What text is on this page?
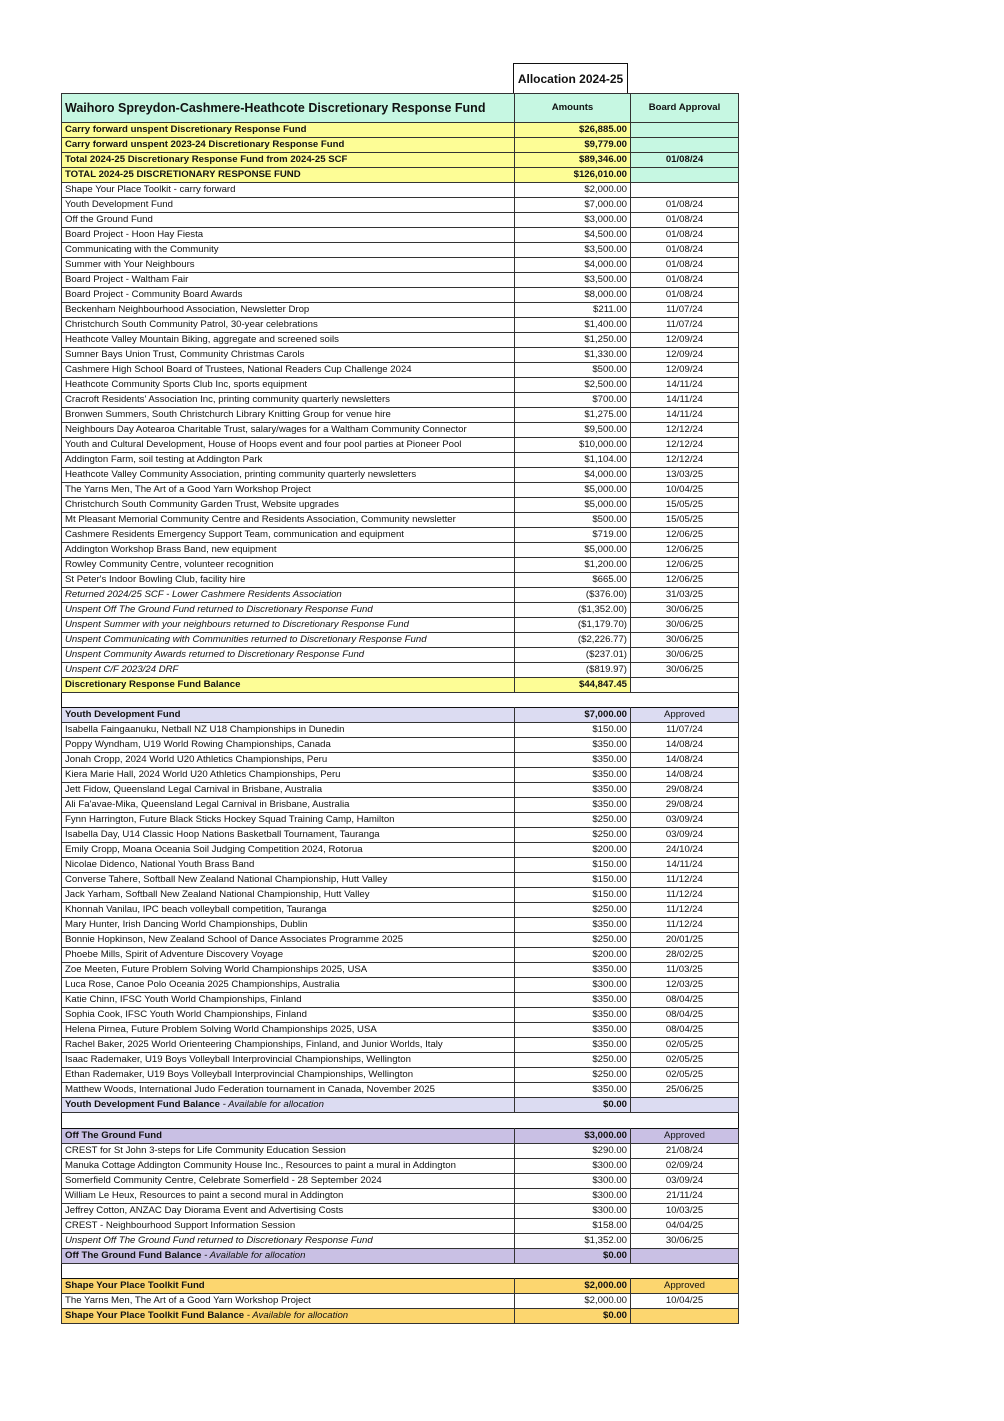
Allocation 2024-25
Waihoro Spreydon-Cashmere-Heathcote Discretionary Response Fund	Amounts	Board Approval
Carry forward unspent Discretionary Response Fund	$26,885.00	
Carry forward unspent 2023-24 Discretionary Response Fund	$9,779.00	
Total 2024-25 Discretionary Response Fund from 2024-25 SCF	$89,346.00	01/08/24
TOTAL 2024-25 DISCRETIONARY RESPONSE FUND	$126,010.00	
Shape Your Place Toolkit - carry forward	$2,000.00	
Youth Development Fund	$7,000.00	01/08/24
Off the Ground Fund	$3,000.00	01/08/24
Board Project - Hoon Hay Fiesta	$4,500.00	01/08/24
Communicating with the Community	$3,500.00	01/08/24
Summer with Your Neighbours	$4,000.00	01/08/24
Board Project - Waltham Fair	$3,500.00	01/08/24
Board Project - Community Board Awards	$8,000.00	01/08/24
Beckenham Neighbourhood Association, Newsletter Drop	$211.00	11/07/24
Christchurch South Community Patrol, 30-year celebrations	$1,400.00	11/07/24
Heathcote Valley Mountain Biking, aggregate and screened soils	$1,250.00	12/09/24
Sumner Bays Union Trust, Community Christmas Carols	$1,330.00	12/09/24
Cashmere High School Board of Trustees, National Readers Cup Challenge 2024	$500.00	12/09/24
Heathcote Community Sports Club Inc, sports equipment	$2,500.00	14/11/24
Cracroft Residents' Association Inc, printing community quarterly newsletters	$700.00	14/11/24
Bronwen Summers, South Christchurch Library Knitting Group for venue hire	$1,275.00	14/11/24
Neighbours Day Aotearoa Charitable Trust, salary/wages for a Waltham Community Connector	$9,500.00	12/12/24
Youth and Cultural Development, House of Hoops event and four pool parties at Pioneer Pool	$10,000.00	12/12/24
Addington Farm, soil testing at Addington Park	$1,104.00	12/12/24
Heathcote Valley Community Association, printing community quarterly newsletters	$4,000.00	13/03/25
The Yarns Men, The Art of a Good Yarn Workshop Project	$5,000.00	10/04/25
Christchurch South Community Garden Trust, Website upgrades	$5,000.00	15/05/25
Mt Pleasant Memorial Community Centre and Residents Association, Community newsletter	$500.00	15/05/25
Cashmere Residents Emergency Support Team, communication and equipment	$719.00	12/06/25
Addington Workshop Brass Band, new equipment	$5,000.00	12/06/25
Rowley Community Centre, volunteer recognition	$1,200.00	12/06/25
St Peter's Indoor Bowling Club, facility hire	$665.00	12/06/25
Returned 2024/25 SCF - Lower Cashmere Residents Association	($376.00)	31/03/25
Unspent Off The Ground Fund returned to Discretionary Response Fund	($1,352.00)	30/06/25
Unspent Summer with your neighbours returned to Discretionary Response Fund	($1,179.70)	30/06/25
Unspent Communicating with Communities returned to Discretionary Response Fund	($2,226.77)	30/06/25
Unspent Community Awards returned to Discretionary Response Fund	($237.01)	30/06/25
Unspent C/F 2023/24 DRF	($819.97)	30/06/25
Discretionary Response Fund Balance	$44,847.45	

Youth Development Fund	$7,000.00	Approved
Isabella Faingaanuku, Netball NZ U18 Championships in Dunedin	$150.00	11/07/24
Poppy Wyndham, U19 World Rowing Championships, Canada	$350.00	14/08/24
Jonah Cropp, 2024 World U20 Athletics Championships, Peru	$350.00	14/08/24
Kiera Marie Hall, 2024 World U20 Athletics Championships, Peru	$350.00	14/08/24
Jett Fidow, Queensland Legal Carnival in Brisbane, Australia	$350.00	29/08/24
Ali Fa'avae-Mika, Queensland Legal Carnival in Brisbane, Australia	$350.00	29/08/24
Fynn Harrington, Future Black Sticks Hockey Squad Training Camp, Hamilton	$250.00	03/09/24
Isabella Day, U14 Classic Hoop Nations Basketball Tournament, Tauranga	$250.00	03/09/24
Emily Cropp, Moana Oceania Soil Judging Competition 2024, Rotorua	$200.00	24/10/24
Nicolae Didenco, National Youth Brass Band	$150.00	14/11/24
Converse Tahere, Softball New Zealand National Championship, Hutt Valley	$150.00	11/12/24
Jack Yarham, Softball New Zealand National Championship, Hutt Valley	$150.00	11/12/24
Khonnah Vanilau, IPC beach volleyball competition, Tauranga	$250.00	11/12/24
Mary Hunter, Irish Dancing World Championships, Dublin	$350.00	11/12/24
Bonnie Hopkinson, New Zealand School of Dance Associates Programme 2025	$250.00	20/01/25
Phoebe Mills, Spirit of Adventure Discovery Voyage	$200.00	28/02/25
Zoe Meeten, Future Problem Solving World Championships 2025, USA	$350.00	11/03/25
Luca Rose, Canoe Polo Oceania 2025 Championships, Australia	$300.00	12/03/25
Katie Chinn, IFSC Youth World Championships, Finland	$350.00	08/04/25
Sophia Cook, IFSC Youth World Championships, Finland	$350.00	08/04/25
Helena Pirnea, Future Problem Solving World Championships 2025, USA	$350.00	08/04/25
Rachel Baker, 2025 World Orienteering Championships, Finland, and Junior Worlds, Italy	$350.00	02/05/25
Isaac Rademaker, U19 Boys Volleyball Interprovincial Championships, Wellington	$250.00	02/05/25
Ethan Rademaker, U19 Boys Volleyball Interprovincial Championships, Wellington	$250.00	02/05/25
Matthew Woods, International Judo Federation tournament in Canada, November 2025	$350.00	25/06/25
Youth Development Fund Balance - Available for allocation	$0.00	

Off The Ground Fund	$3,000.00	Approved
CREST for St John 3-steps for Life Community Education Session	$290.00	21/08/24
Manuka Cottage Addington Community House Inc., Resources to paint a mural in Addington	$300.00	02/09/24
Somerfield Community Centre, Celebrate Somerfield - 28 September 2024	$300.00	03/09/24
William Le Heux, Resources to paint a second mural in Addington	$300.00	21/11/24
Jeffrey Cotton, ANZAC Day Diorama Event and Advertising Costs	$300.00	10/03/25
CREST - Neighbourhood Support Information Session	$158.00	04/04/25
Unspent Off The Ground Fund returned to Discretionary Response Fund	$1,352.00	30/06/25
Off The Ground Fund Balance - Available for allocation	$0.00	

Shape Your Place Toolkit Fund	$2,000.00	Approved
The Yarns Men, The Art of a Good Yarn Workshop Project	$2,000.00	10/04/25
Shape Your Place Toolkit Fund Balance - Available for allocation	$0.00	
